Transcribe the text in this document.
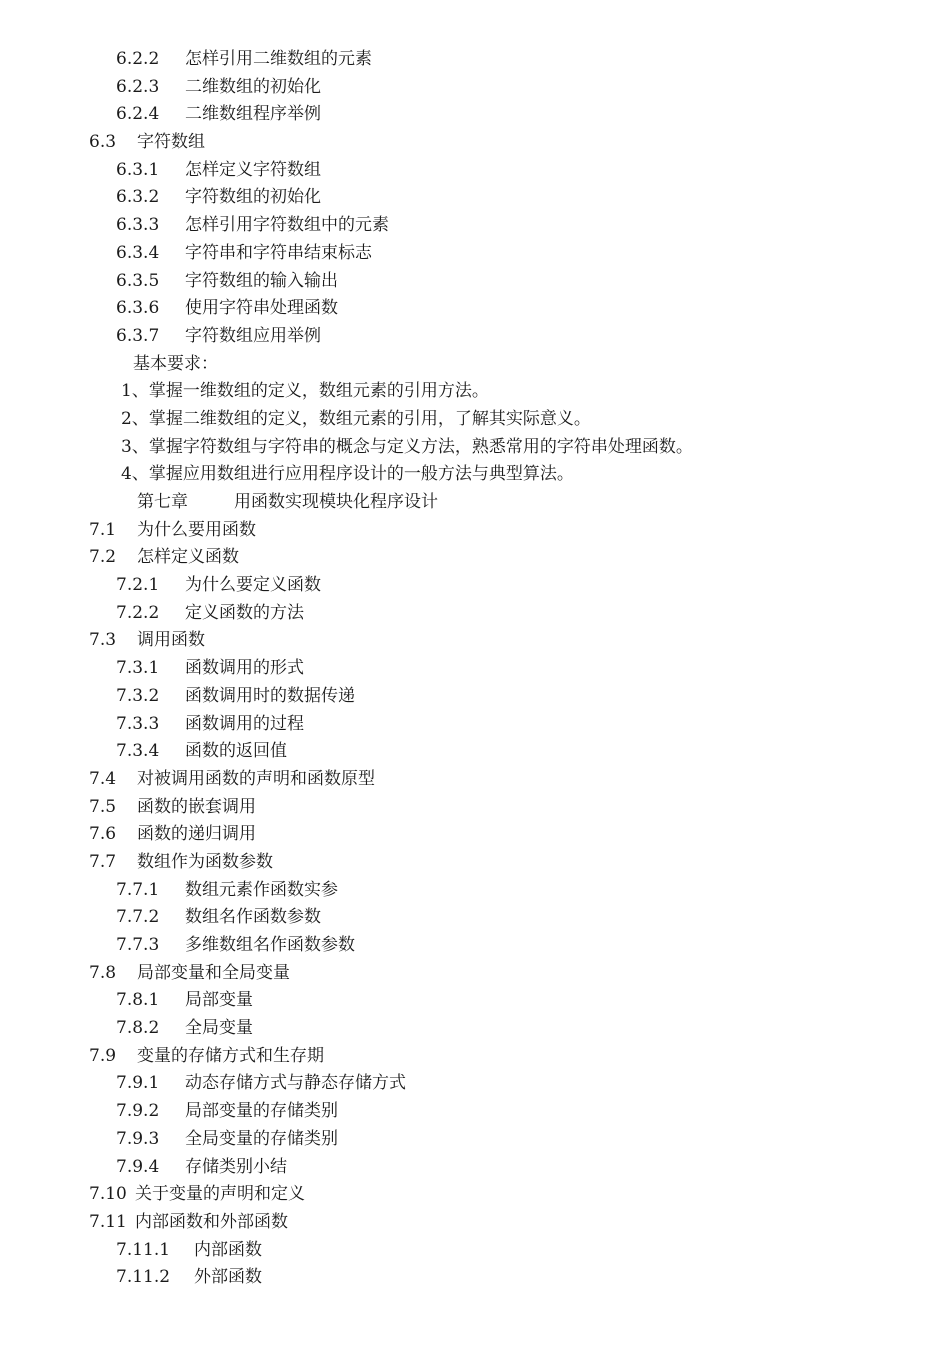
6.2.2 怎样引用二维数组的元素
6.2.3 二维数组的初始化
6.2.4 二维数组程序举例
6.3 字符数组
6.3.1 怎样定义字符数组
6.3.2 字符数组的初始化
6.3.3 怎样引用字符数组中的元素
6.3.4 字符串和字符串结束标志
6.3.5 字符数组的输入输出
6.3.6 使用字符串处理函数
6.3.7 字符数组应用举例
基本要求：
1、掌握一维数组的定义，数组元素的引用方法。
2、掌握二维数组的定义，数组元素的引用，了解其实际意义。
3、掌握字符数组与字符串的概念与定义方法，熟悉常用的字符串处理函数。
4、掌握应用数组进行应用程序设计的一般方法与典型算法。
第七章	用函数实现模块化程序设计
7.1 为什么要用函数
7.2 怎样定义函数
7.2.1 为什么要定义函数
7.2.2 定义函数的方法
7.3 调用函数
7.3.1 函数调用的形式
7.3.2 函数调用时的数据传递
7.3.3 函数调用的过程
7.3.4 函数的返回值
7.4 对被调用函数的声明和函数原型
7.5 函数的嵌套调用
7.6 函数的递归调用
7.7 数组作为函数参数
7.7.1 数组元素作函数实参
7.7.2 数组名作函数参数
7.7.3 多维数组名作函数参数
7.8 局部变量和全局变量
7.8.1 局部变量
7.8.2 全局变量
7.9 变量的存储方式和生存期
7.9.1 动态存储方式与静态存储方式
7.9.2 局部变量的存储类别
7.9.3 全局变量的存储类别
7.9.4 存储类别小结
7.10 关于变量的声明和定义
7.11 内部函数和外部函数
7.11.1 内部函数
7.11.2 外部函数
